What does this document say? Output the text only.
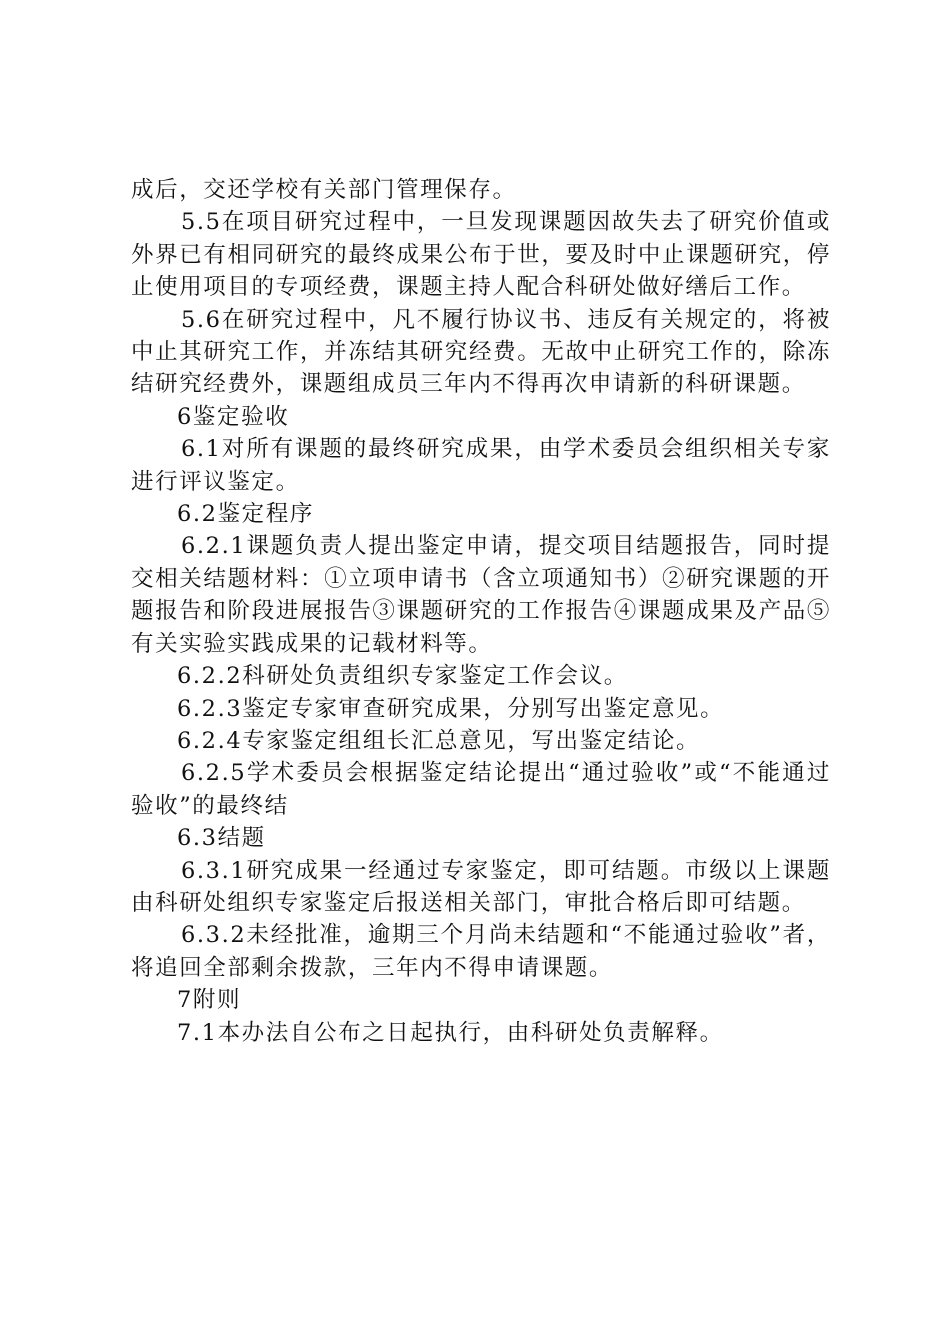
成后，交还学校有关部门管理保存。

5.5在项目研究过程中，一旦发现课题因故失去了研究价值或外界已有相同研究的最终成果公布于世，要及时中止课题研究，停止使用项目的专项经费，课题主持人配合科研处做好缮后工作。

5.6在研究过程中，凡不履行协议书、违反有关规定的，将被中止其研究工作，并冻结其研究经费。无故中止研究工作的，除冻结研究经费外，课题组成员三年内不得再次申请新的科研课题。

6鉴定验收

6.1对所有课题的最终研究成果，由学术委员会组织相关专家进行评议鉴定。

6.2鉴定程序

6.2.1课题负责人提出鉴定申请，提交项目结题报告，同时提交相关结题材料：①立项申请书（含立项通知书）②研究课题的开题报告和阶段进展报告③课题研究的工作报告④课题成果及产品⑤有关实验实践成果的记载材料等。

6.2.2科研处负责组织专家鉴定工作会议。

6.2.3鉴定专家审查研究成果，分别写出鉴定意见。

6.2.4专家鉴定组组长汇总意见，写出鉴定结论。

6.2.5学术委员会根据鉴定结论提出“通过验收”或“不能通过验收”的最终结

6.3结题

6.3.1研究成果一经通过专家鉴定，即可结题。市级以上课题由科研处组织专家鉴定后报送相关部门，审批合格后即可结题。

6.3.2未经批准，逾期三个月尚未结题和“不能通过验收”者，将追回全部剩余拨款，三年内不得申请课题。

7附则

7.1本办法自公布之日起执行，由科研处负责解释。
